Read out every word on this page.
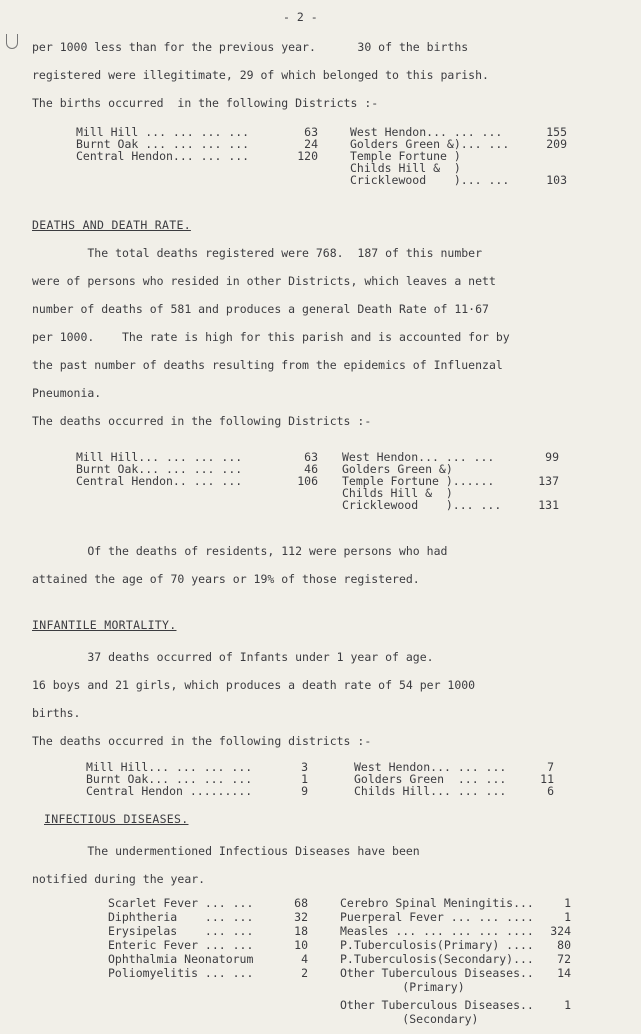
- 2 -
per 1000 less than for the previous year.      30 of the births
registered were illegitimate, 29 of which belonged to this parish.
The births occurred  in the following Districts :-
Mill Hill ... ... ... ...	63
Burnt Oak ... ... ... ...	24
Central Hendon... ... ...	120
West Hendon... ... ...	155
Golders Green &)... ...	209
Temple Fortune )
Childs Hill &  )
Cricklewood    )... ...	103
DEATHS AND DEATH RATE.
The total deaths registered were 768.  187 of this number
were of persons who resided in other Districts, which leaves a nett
number of deaths of 581 and produces a general Death Rate of 11·67
per 1000.    The rate is high for this parish and is accounted for by
the past number of deaths resulting from the epidemics of Influenzal
Pneumonia.
The deaths occurred in the following Districts :-
Mill Hill... ... ... ...	63
Burnt Oak... ... ... ...	46
Central Hendon.. ... ...	106
West Hendon... ... ...	99
Golders Green &)
Temple Fortune )......	137
Childs Hill &  )
Cricklewood    )... ...	131
Of the deaths of residents, 112 were persons who had
attained the age of 70 years or 19% of those registered.
INFANTILE MORTALITY.
37 deaths occurred of Infants under 1 year of age.
16 boys and 21 girls, which produces a death rate of 54 per 1000
births.
The deaths occurred in the following districts :-
Mill Hill... ... ... ...	3
Burnt Oak... ... ... ...	1
Central Hendon .........	9
West Hendon... ... ...	7
Golders Green  ... ...	11
Childs Hill... ... ...	6
INFECTIOUS DISEASES.
The undermentioned Infectious Diseases have been
notified during the year.
Scarlet Fever ... ...	68
Diphtheria    ... ...	32
Erysipelas    ... ...	18
Enteric Fever ... ...	10
Ophthalmia Neonatorum	4
Poliomyelitis ... ...	2
Cerebro Spinal Meningitis...	1
Puerperal Fever ... ... ....	1
Measles ... ... ... ... .... 324
P.Tuberculosis(Primary) .... 80
P.Tuberculosis(Secondary)... 72
Other Tuberculous Diseases.. 14
(Primary)
Other Tuberculous Diseases..	1
(Secondary)
